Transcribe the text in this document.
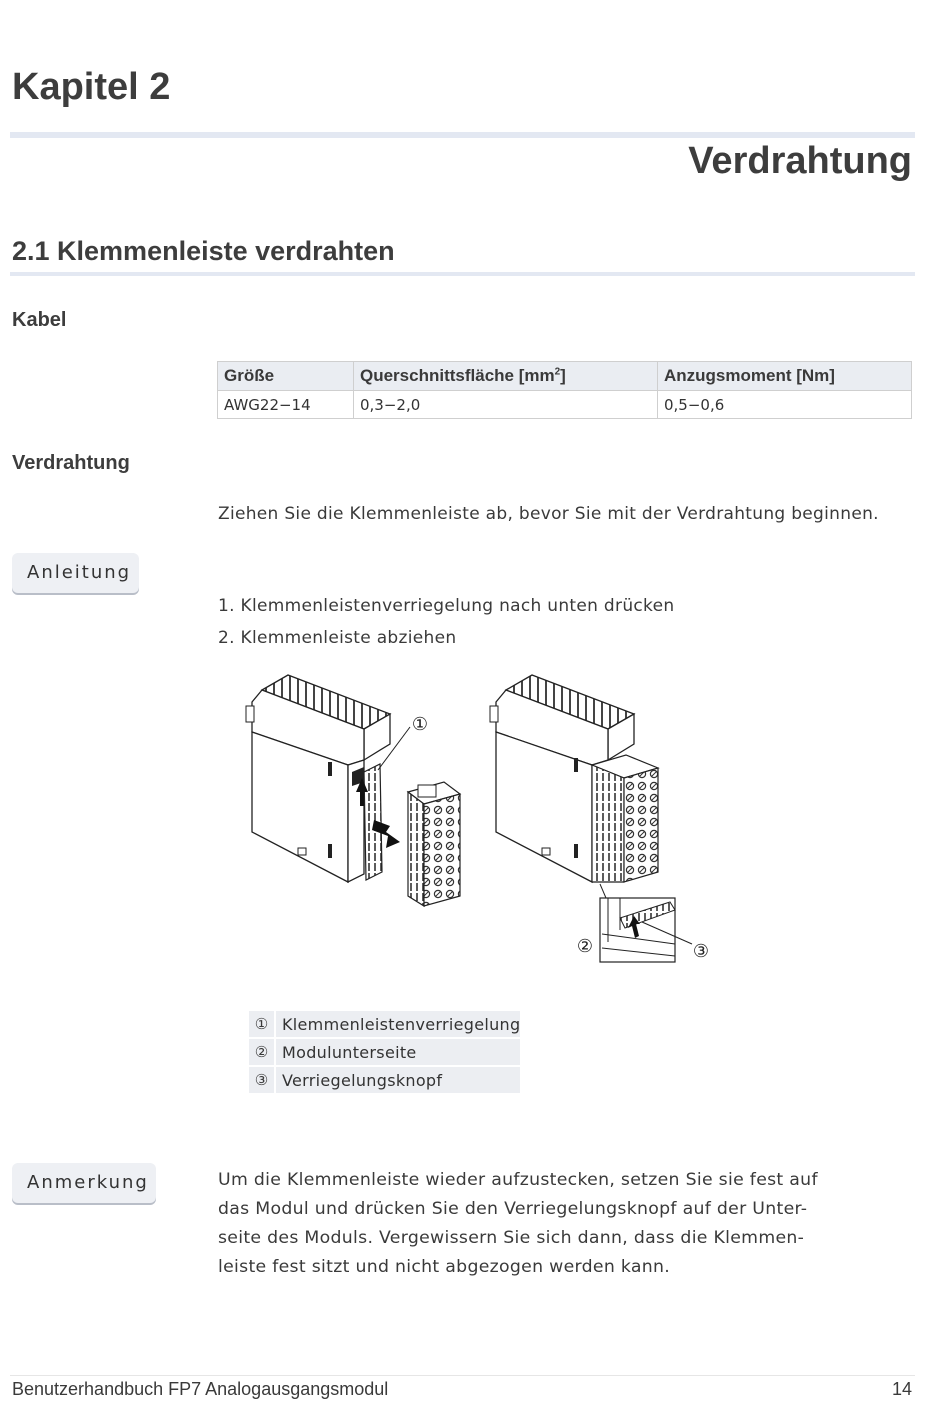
Kapitel 2
Verdrahtung
2.1 Klemmenleiste verdrahten
Kabel
Größe	Querschnittsfläche $[mm^2]$	Anzugsmoment [Nm]
AWG22−14	0,3−2,0	0,5−0,6
Verdrahtung
Ziehen Sie die Klemmenleiste ab, bevor Sie mit der Verdrahtung beginnen.
Anleitung
1. Klemmenleistenverriegelung nach unten drücken
2. Klemmenleiste abziehen
①
②	③
①	Klemmenleistenverriegelung
②	Modulunterseite
③	Verriegelungsknopf
Anmerkung	Um die Klemmenleiste wieder aufzustecken, setzen Sie sie fest auf
das Modul und drücken Sie den Verriegelungsknopf auf der Unter-
seite des Moduls. Vergewissern Sie sich dann, dass die Klemmen-
leiste fest sitzt und nicht abgezogen werden kann.
Benutzerhandbuch FP7 Analogausgangsmodul	14
